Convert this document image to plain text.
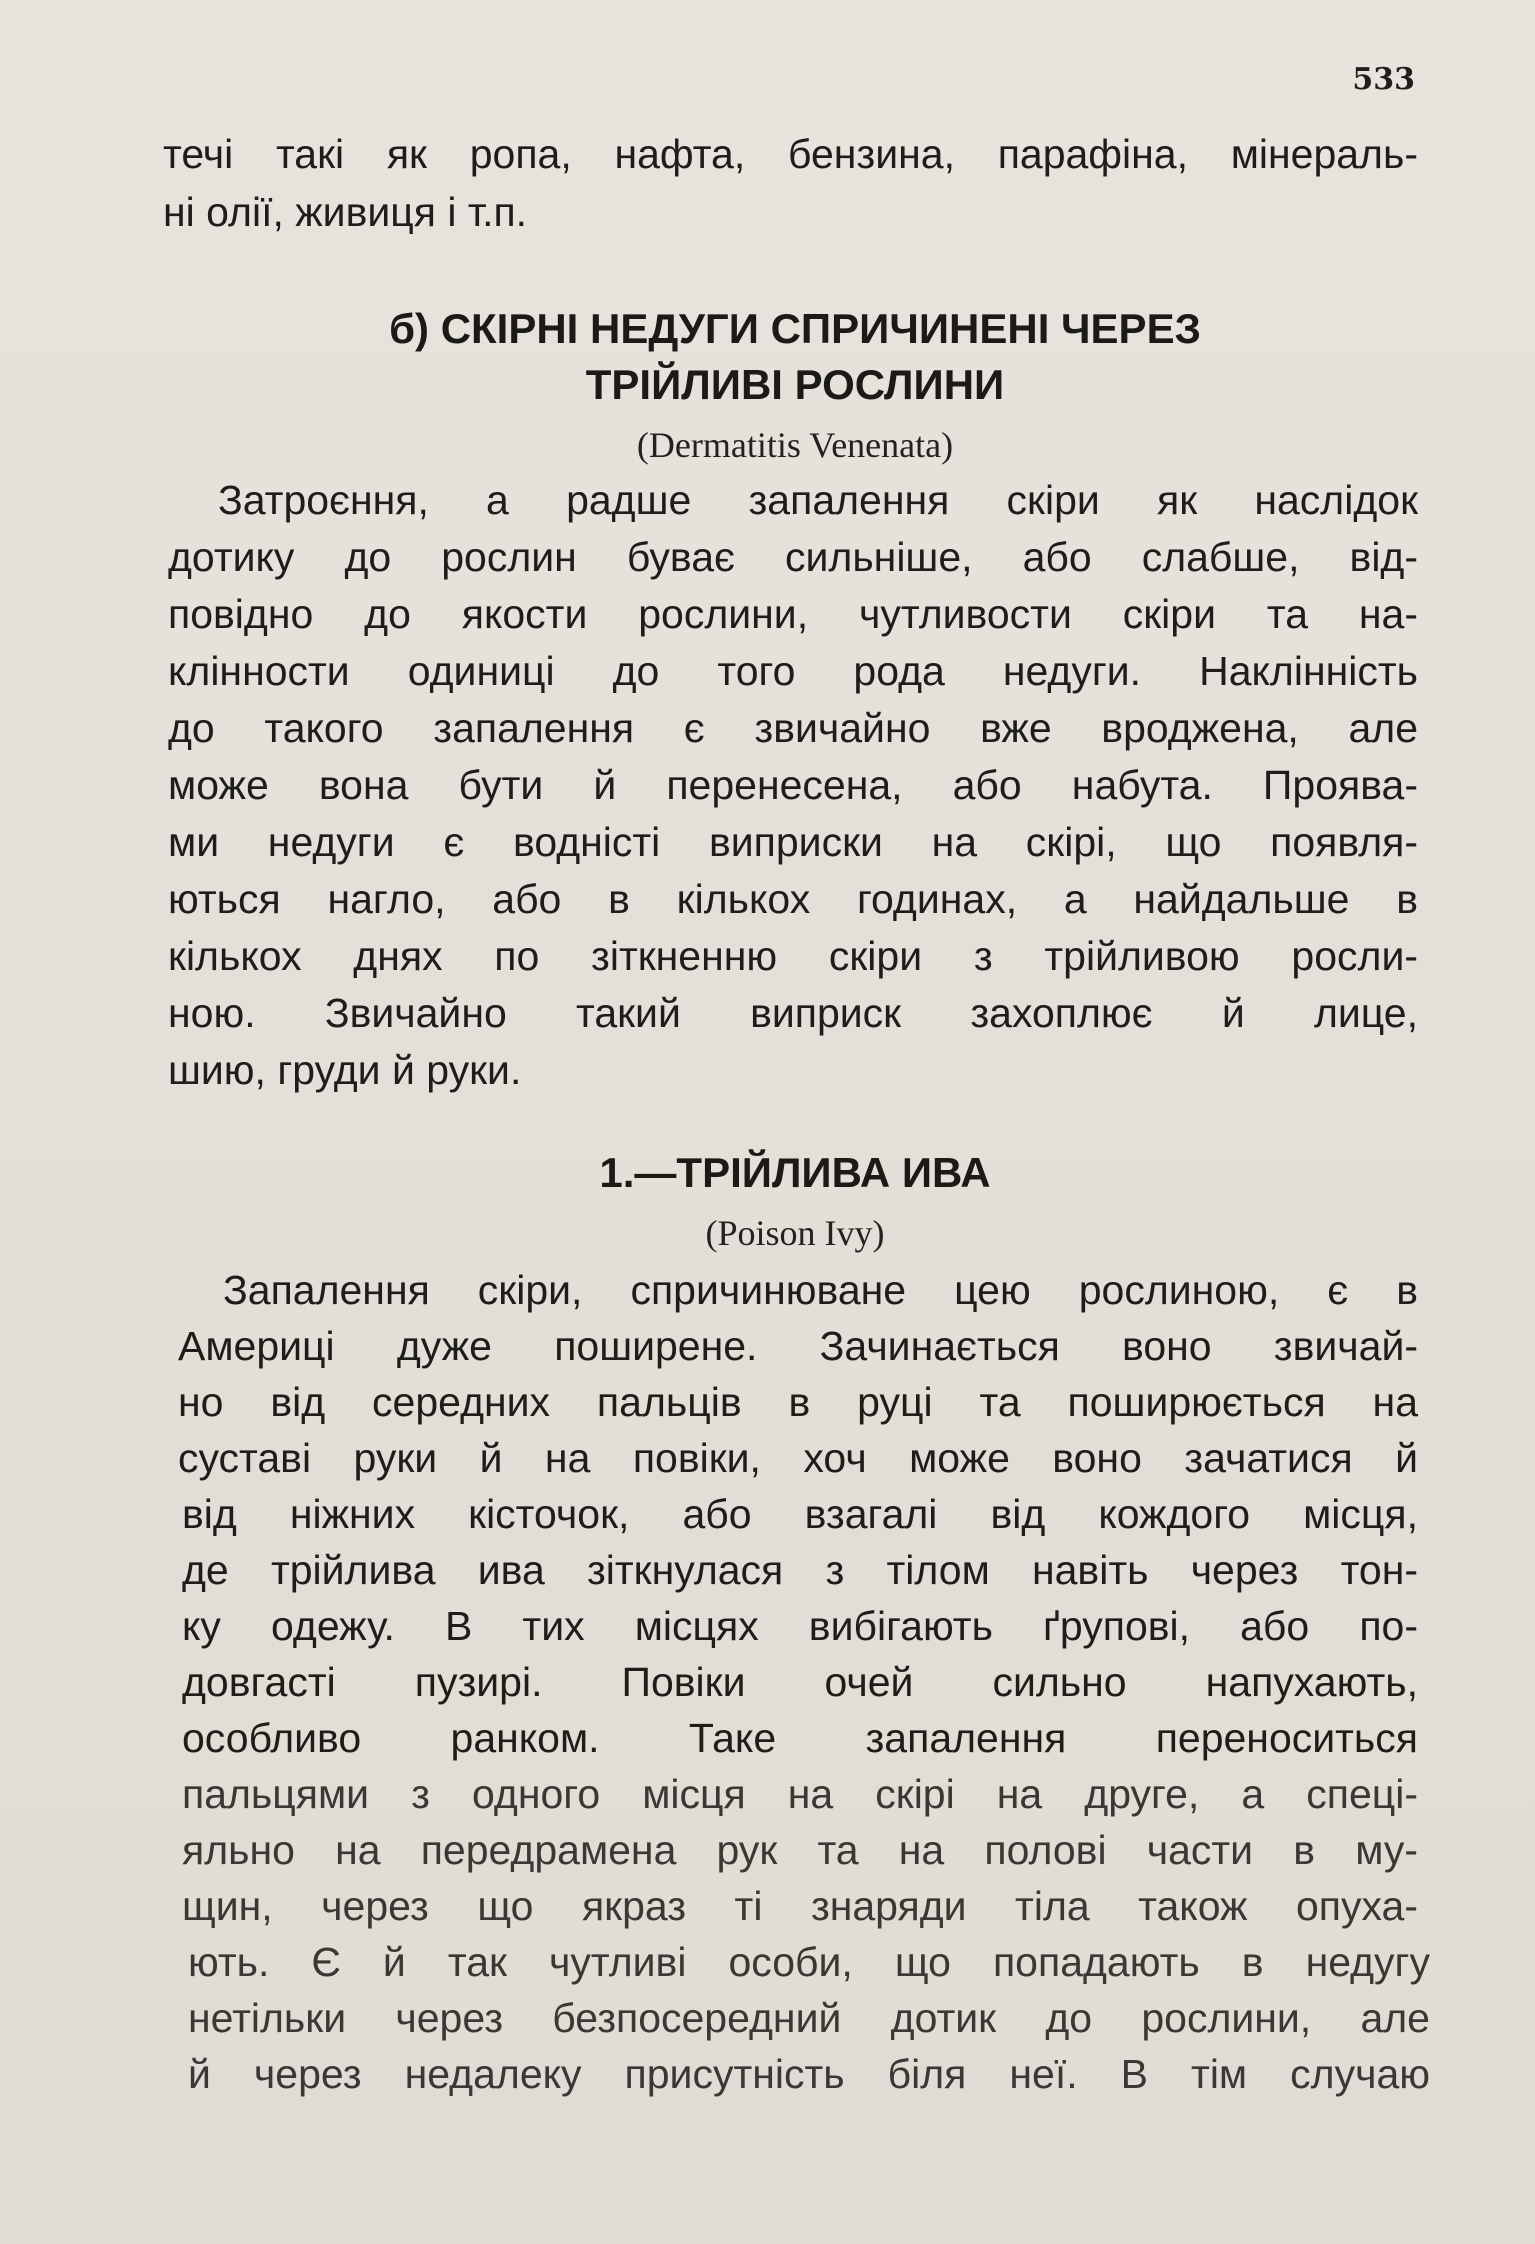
533
течі такі як ропа, нафта, бензина, парафіна, мінераль-
ні олії, живиця і т.п.
б) СКІРНІ НЕДУГИ СПРИЧИНЕНІ ЧЕРЕЗ
ТРІЙЛИВІ РОСЛИНИ
(Dermatitis Venenata)
Затроєння, а радше запалення скіри як наслідок
дотику до рослин буває сильніше, або слабше, від-
повідно до якости рослини, чутливости скіри та на-
клінности одиниці до того рода недуги. Наклінність
до такого запалення є звичайно вже вроджена, але
може вона бути й перенесена, або набута. Проява-
ми недуги є водністі виприски на скірі, що появля-
ються нагло, або в кількох годинах, а найдальше в
кількох днях по зіткненню скіри з трійливою росли-
ною. Звичайно такий виприск захоплює й лице,
шию, груди й руки.
1.—ТРІЙЛИВА ИВА
(Poison Ivy)
Запалення скіри, спричинюване цею рослиною, є в
Америці дуже поширене. Зачинається воно звичай-
но від середних пальців в руці та поширюється на
суставі руки й на повіки, хоч може воно зачатися й
від ніжних кісточок, або взагалі від кождого місця,
де трійлива ива зіткнулася з тілом навіть через тон-
ку одежу. В тих місцях вибігають ґрупові, або по-
довгасті пузирі. Повіки очей сильно напухають,
особливо ранком. Таке запалення переноситься
пальцями з одного місця на скірі на друге, а спеці-
яльно на передрамена рук та на полові части в му-
щин, через що якраз ті знаряди тіла також опуха-
ють. Є й так чутливі особи, що попадають в недугу
нетільки через безпосередний дотик до рослини, але
й через недалеку присутність біля неї. В тім случаю
